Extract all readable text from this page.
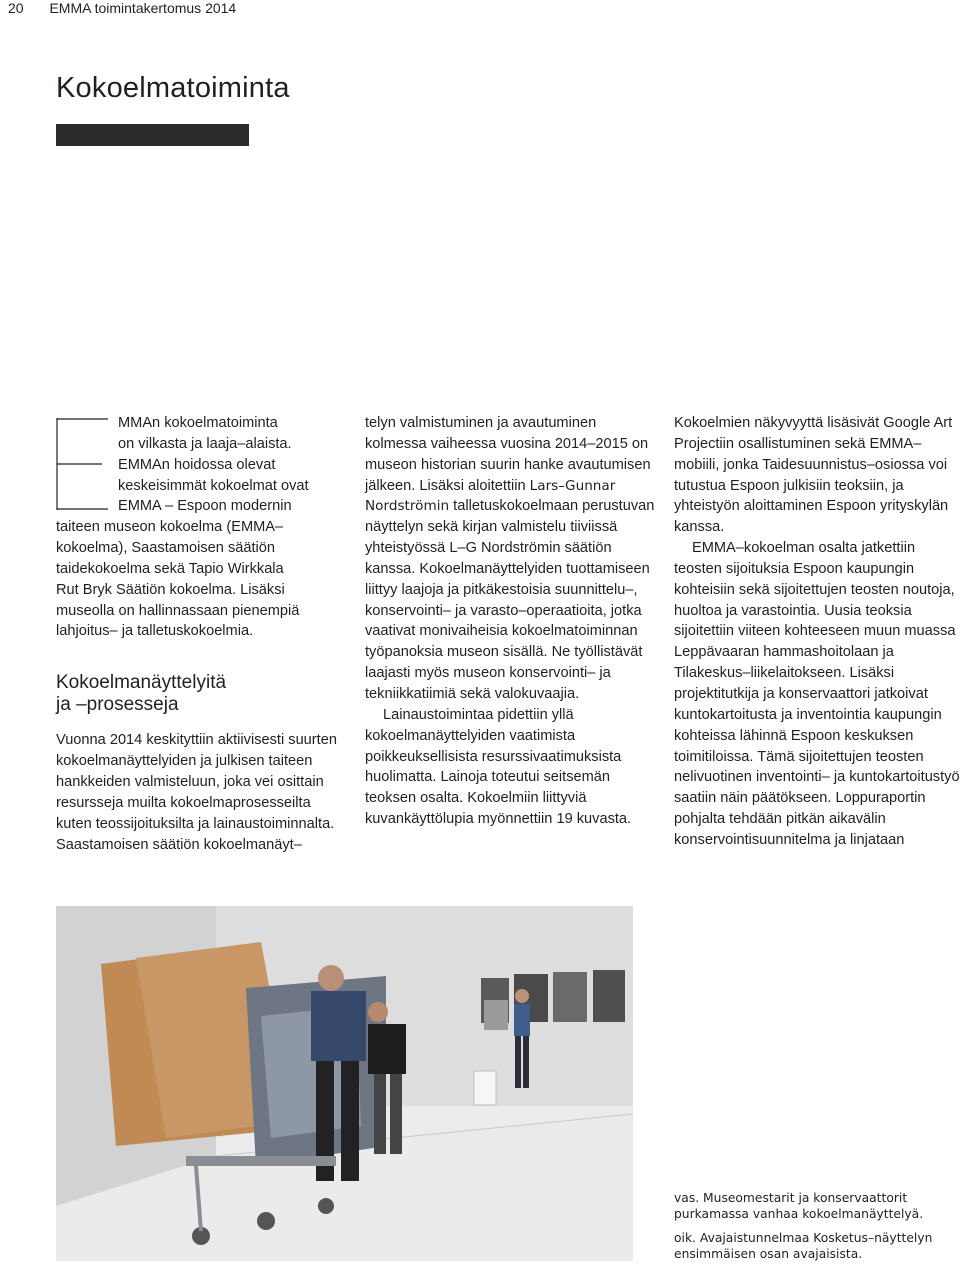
20 EMMA toimintakertomus 2014
Kokoelmatoiminta
MMAn kokoelmatoiminta
on vilkasta ja laaja–alaista.
EMMAn hoidossa olevat
keskeisimmät kokoelmat ovat
EMMA – Espoon modernin
taiteen museon kokoelma (EMMA–
kokoelma), Saastamoisen säätiön
taidekokoelma sekä Tapio Wirkkala
Rut Bryk Säätiön kokoelma. Lisäksi
museolla on hallinnassaan pienempiä
lahjoitus– ja talletuskokoelmia.
Kokoelmanäyttelyitä
ja –prosesseja

Vuonna 2014 keskityttiin aktiivisesti suurten kokoelmanäyttelyiden ja julkisen taiteen hankkeiden valmisteluun, joka vei osittain resursseja muilta kokoelmaprosesseilta kuten teossijoituksilta ja lainaustoiminnalta. Saastamoisen säätiön kokoelmanäyt–

telyn valmistuminen ja avautuminen kolmessa vaiheessa vuosina 2014–2015 on museon historian suurin hanke avautumisen jälkeen. Lisäksi aloitettiin Lars–Gunnar Nordströmin talletuskokoelmaan perustuvan näyttelyn sekä kirjan valmistelu tiiviissä yhteistyössä L–G Nordströmin säätiön kanssa. Kokoelmanäyttelyiden tuottamiseen liittyy laajoja ja pitkäkestoisia suunnittelu–, konservointi– ja varasto–operaatioita, jotka vaativat monivaiheisia kokoelmatoiminnan työpanoksia museon sisällä. Ne työllistävät laajasti myös museon konservointi– ja tekniikkatiimiä sekä valokuvaajia.

Lainaustoimintaa pidettiin yllä kokoelmanäyttelyiden vaatimista poikkeuksellisista resurssivaatimuksista huolimatta. Lainoja toteutui seitsemän teoksen osalta. Kokoelmiin liittyviä kuvankäyttölupia myönnettiin 19 kuvasta.

Kokoelmien näkyvyyttä lisäsivät Google Art Projectiin osallistuminen sekä EMMA–mobiili, jonka Taidesuunnistus–osiossa voi tutustua Espoon julkisiin teoksiin, ja yhteistyön aloittaminen Espoon yrityskylän kanssa.

EMMA–kokoelman osalta jatkettiin teosten sijoituksia Espoon kaupungin kohteisiin sekä sijoitettujen teosten noutoja, huoltoa ja varastointia. Uusia teoksia sijoitettiin viiteen kohteeseen muun muassa Leppävaaran hammashoitolaan ja Tilakeskus–liikelaitokseen. Lisäksi projektitutkija ja konservaattori jatkoivat kuntokartoitusta ja inventointia kaupungin kohteissa lähinnä Espoon keskuksen toimitiloissa. Tämä sijoitettujen teosten nelivuotinen inventointi– ja kuntokartoitustyö saatiin näin päätökseen. Loppuraportin pohjalta tehdään pitkän aikavälin konservointisuunnitelma ja linjataan

vas. Museomestarit ja konservaattorit purkamassa vanhaa kokoelmanäyttelyä.

oik. Avajaistunnelmaa Kosketus–näyttelyn ensimmäisen osan avajaisista.
